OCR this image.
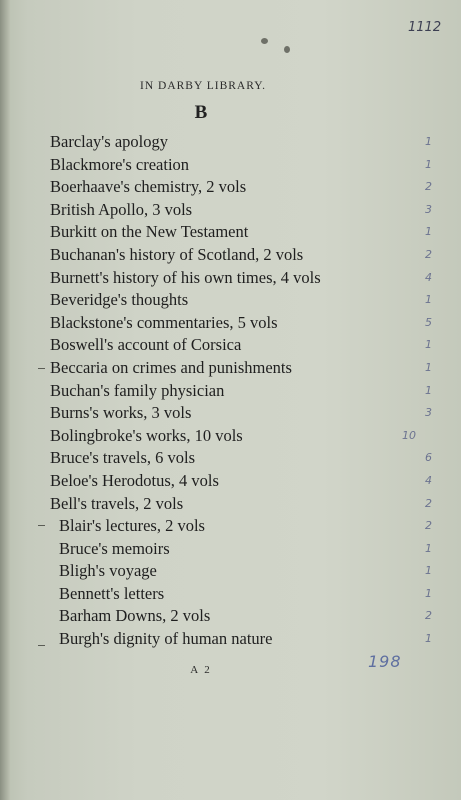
1112
IN DARBY LIBRARY.
B
Barclay's apology	1
Blackmore's creation	1
Boerhaave's chemistry, 2 vols	2
British Apollo, 3 vols	3
Burkitt on the New Testament	1
Buchanan's history of Scotland, 2 vols	2
Burnett's history of his own times, 4 vols	4
Beveridge's thoughts	1
Blackstone's commentaries, 5 vols	5
Boswell's account of Corsica	1
Beccaria on crimes and punishments	1
Buchan's family physician	1
Burns's works, 3 vols	3
Bolingbroke's works, 10 vols	10
Bruce's travels, 6 vols	6
Beloe's Herodotus, 4 vols	4
Bell's travels, 2 vols	2
Blair's lectures, 2 vols	2
Bruce's memoirs	1
Bligh's voyage	1
Bennett's letters	1
Barham Downs, 2 vols	2
Burgh's dignity of human nature	1
198
A 2
